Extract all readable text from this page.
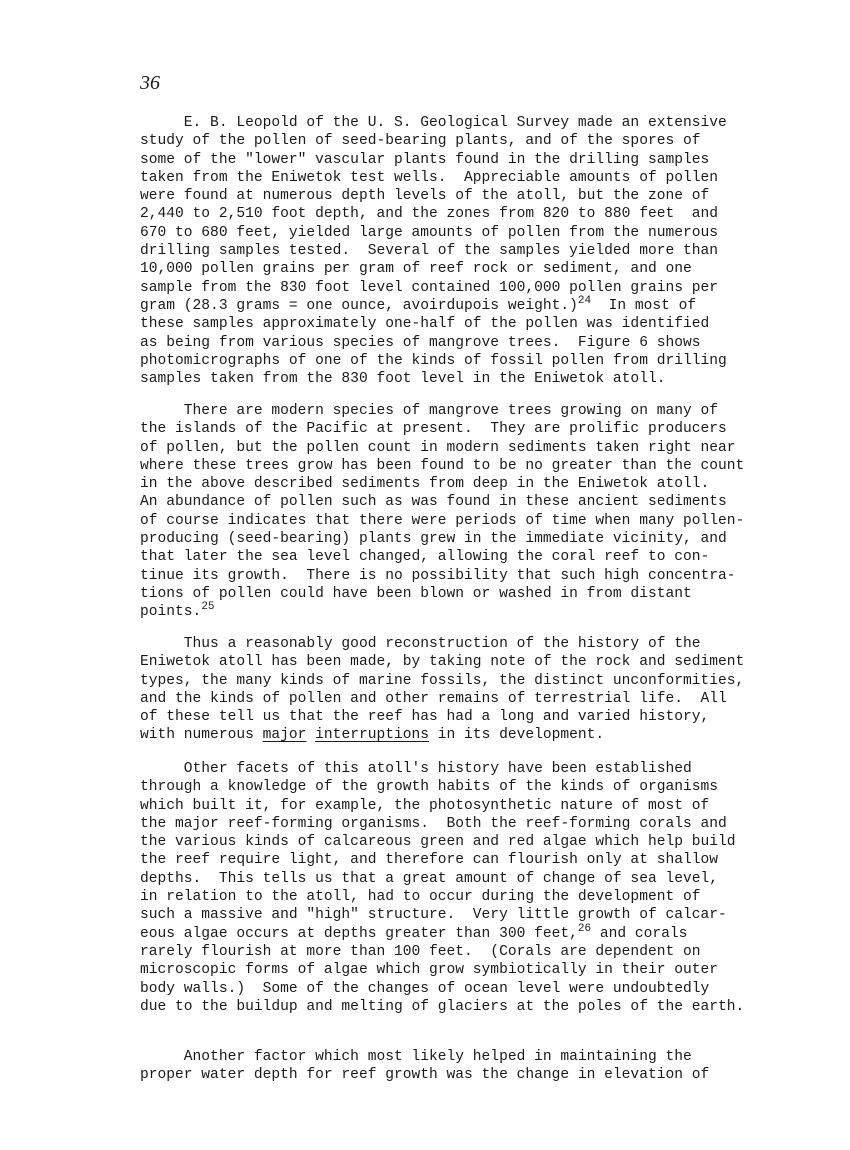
36
E. B. Leopold of the U. S. Geological Survey made an extensive
study of the pollen of seed-bearing plants, and of the spores of
some of the "lower" vascular plants found in the drilling samples
taken from the Eniwetok test wells.  Appreciable amounts of pollen
were found at numerous depth levels of the atoll, but the zone of
2,440 to 2,510 foot depth, and the zones from 820 to 880 feet  and
670 to 680 feet, yielded large amounts of pollen from the numerous
drilling samples tested.  Several of the samples yielded more than
10,000 pollen grains per gram of reef rock or sediment, and one
sample from the 830 foot level contained 100,000 pollen grains per
gram (28.3 grams = one ounce, avoirdupois weight.)$^{24}$  In most of
these samples approximately one-half of the pollen was identified
as being from various species of mangrove trees.  Figure 6 shows
photomicrographs of one of the kinds of fossil pollen from drilling
samples taken from the 830 foot level in the Eniwetok atoll.
There are modern species of mangrove trees growing on many of
the islands of the Pacific at present.  They are prolific producers
of pollen, but the pollen count in modern sediments taken right near
where these trees grow has been found to be no greater than the count
in the above described sediments from deep in the Eniwetok atoll.
An abundance of pollen such as was found in these ancient sediments
of course indicates that there were periods of time when many pollen-
producing (seed-bearing) plants grew in the immediate vicinity, and
that later the sea level changed, allowing the coral reef to con-
tinue its growth.  There is no possibility that such high concentra-
tions of pollen could have been blown or washed in from distant
points.$^{25}$
Thus a reasonably good reconstruction of the history of the
Eniwetok atoll has been made, by taking note of the rock and sediment
types, the many kinds of marine fossils, the distinct unconformities,
and the kinds of pollen and other remains of terrestrial life.  All
of these tell us that the reef has had a long and varied history,
with numerous major interruptions in its development.
Other facets of this atoll's history have been established
through a knowledge of the growth habits of the kinds of organisms
which built it, for example, the photosynthetic nature of most of
the major reef-forming organisms.  Both the reef-forming corals and
the various kinds of calcareous green and red algae which help build
the reef require light, and therefore can flourish only at shallow
depths.  This tells us that a great amount of change of sea level,
in relation to the atoll, had to occur during the development of
such a massive and "high" structure.  Very little growth of calcar-
eous algae occurs at depths greater than 300 feet,$^{26}$ and corals
rarely flourish at more than 100 feet.  (Corals are dependent on
microscopic forms of algae which grow symbiotically in their outer
body walls.)  Some of the changes of ocean level were undoubtedly
due to the buildup and melting of glaciers at the poles of the earth.
Another factor which most likely helped in maintaining the
proper water depth for reef growth was the change in elevation of
